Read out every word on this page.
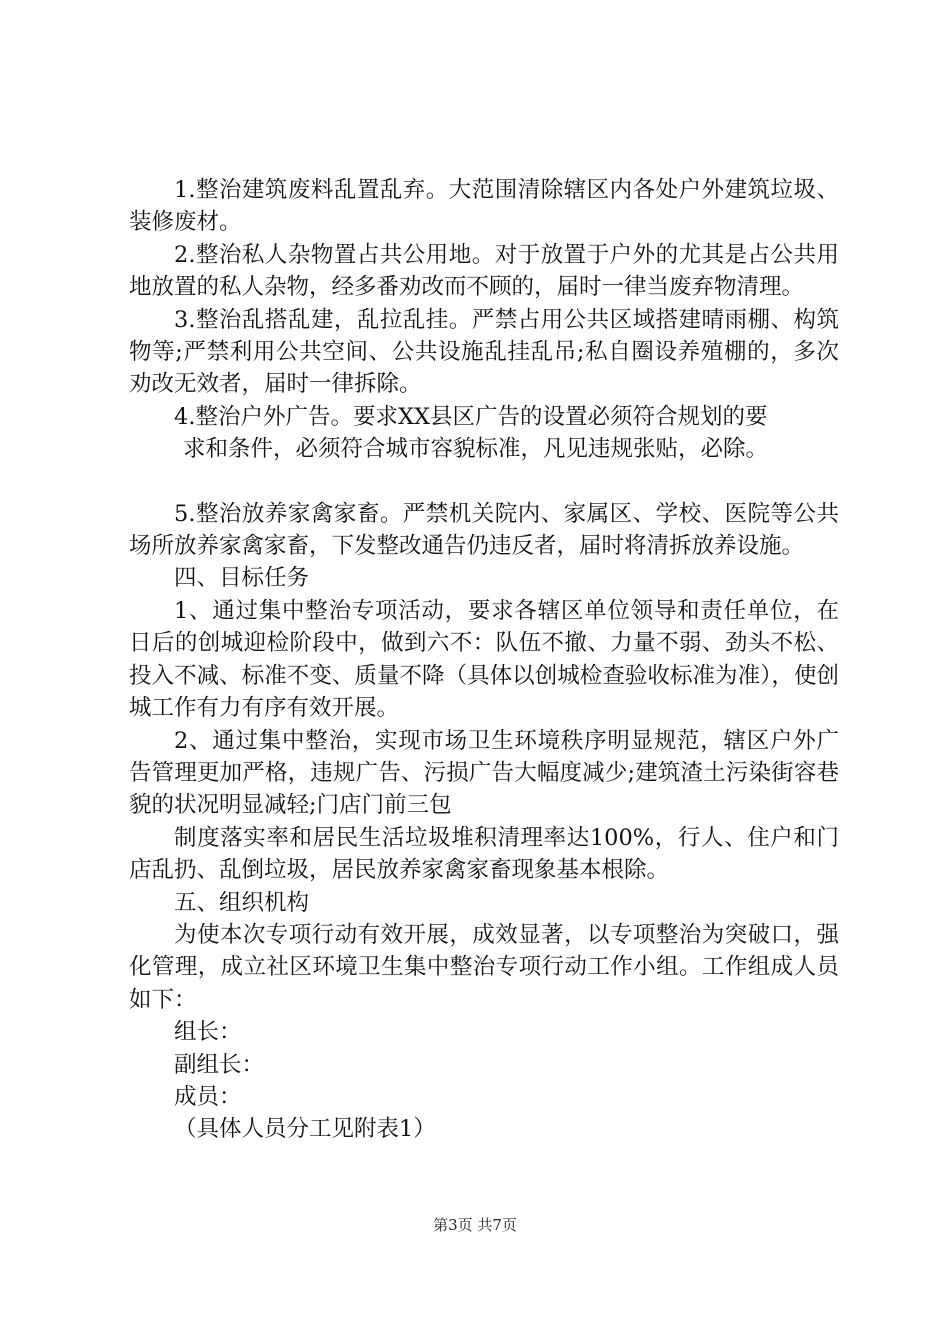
1.整治建筑废料乱置乱弃。大范围清除辖区内各处户外建筑垃圾、装修废材。

2.整治私人杂物置占共公用地。对于放置于户外的尤其是占公共用地放置的私人杂物，经多番劝改而不顾的，届时一律当废弃物清理。

3.整治乱搭乱建，乱拉乱挂。严禁占用公共区域搭建晴雨棚、构筑物等;严禁利用公共空间、公共设施乱挂乱吊;私自圈设养殖棚的，多次劝改无效者，届时一律拆除。

4.整治户外广告。要求XX县区广告的设置必须符合规划的要

求和条件，必须符合城市容貌标准，凡见违规张贴，必除。

5.整治放养家禽家畜。严禁机关院内、家属区、学校、医院等公共场所放养家禽家畜，下发整改通告仍违反者，届时将清拆放养设施。

四、目标任务

1、通过集中整治专项活动，要求各辖区单位领导和责任单位，在日后的创城迎检阶段中，做到六不：队伍不撤、力量不弱、劲头不松、投入不减、标准不变、质量不降（具体以创城检查验收标准为准），使创城工作有力有序有效开展。

2、通过集中整治，实现市场卫生环境秩序明显规范，辖区户外广告管理更加严格，违规广告、污损广告大幅度减少;建筑渣土污染街容巷貌的状况明显减轻;门店门前三包

制度落实率和居民生活垃圾堆积清理率达100%，行人、住户和门店乱扔、乱倒垃圾，居民放养家禽家畜现象基本根除。

五、组织机构

为使本次专项行动有效开展，成效显著，以专项整治为突破口，强化管理，成立社区环境卫生集中整治专项行动工作小组。工作组成人员如下：

组长：

副组长：

成员：

（具体人员分工见附表1）

第3页 共7页
